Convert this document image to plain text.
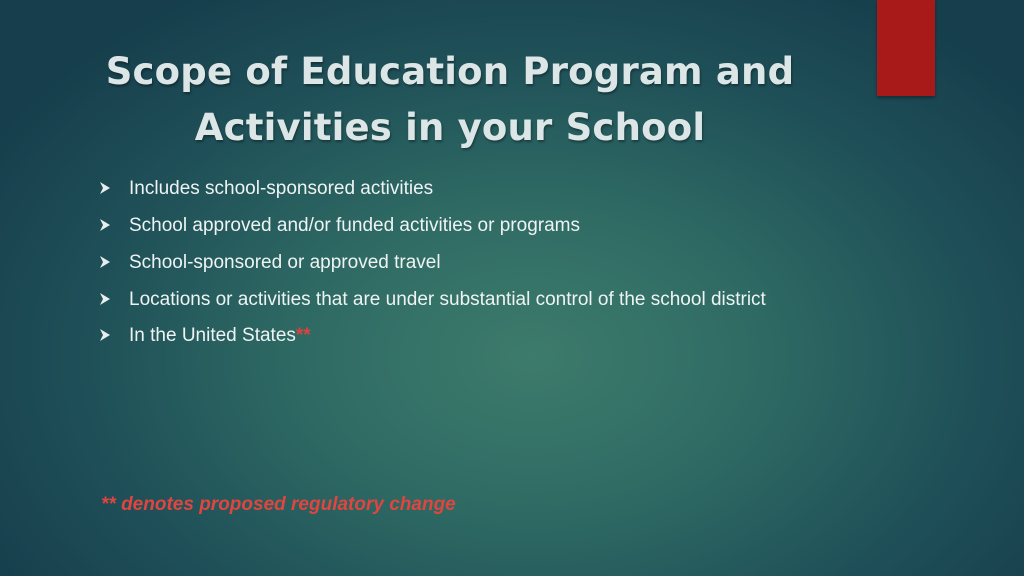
Scope of Education Program and
Activities in your School
Includes school-sponsored activities
School approved and/or funded activities or programs
School-sponsored or approved travel
Locations or activities that are under substantial control of the school district
In the United States**
** denotes proposed regulatory change
